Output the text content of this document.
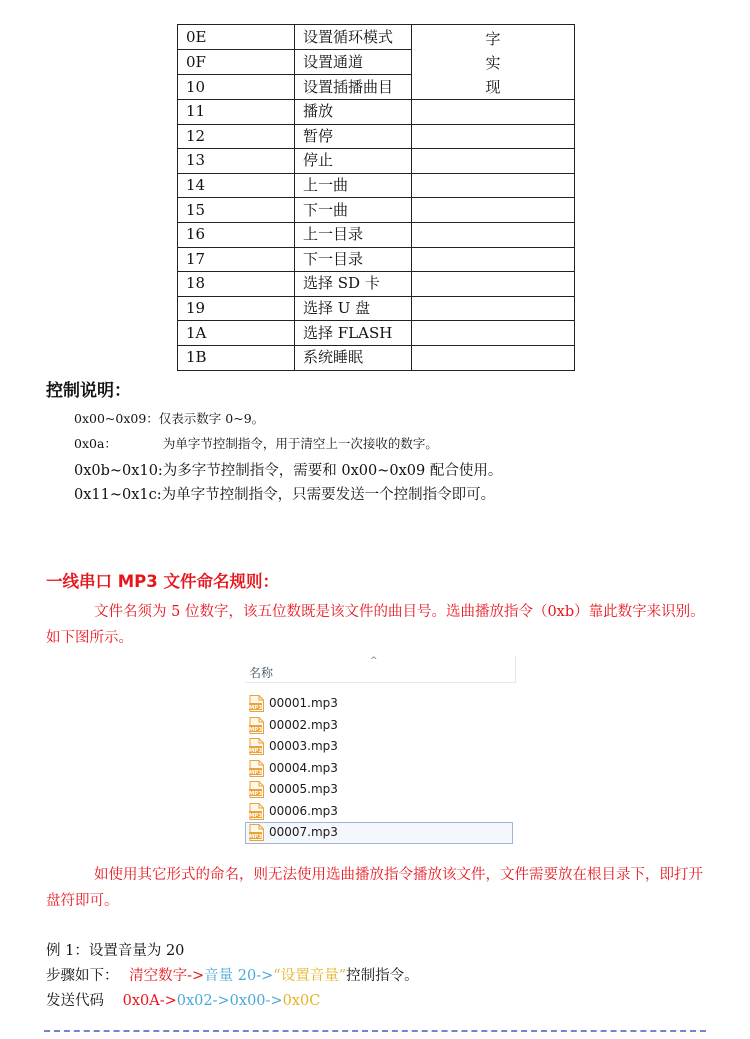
0E	设置循环模式	字
实
现

0F	设置通道	
10	设置插播曲目	
11	播放	
12	暂停	
13	停止	
14	上一曲	
15	下一曲	
16	上一目录	
17	下一目录	
18	选择 SD 卡	
19	选择 U 盘	
1A	选择 FLASH	
1B	系统睡眠	
控制说明：

0x00~0x09：仅表示数字 0~9。

0x0a：	为单字节控制指令，用于清空上一次接收的数字。

0x0b~0x10:为多字节控制指令，需要和 0x00~0x09 配合使用。

0x11~0x1c:为单字节控制指令，只需要发送一个控制指令即可。

一线串口 MP3 文件命名规则：

文件名须为 5 位数字，该五位数既是该文件的曲目号。选曲播放指令（0xb）靠此数字来识别。 如下图所示。

名称
^
MP3 00001.mp3
MP3 00002.mp3
MP3 00003.mp3
MP3 00004.mp3
MP3 00005.mp3
MP3 00006.mp3
MP3 00007.mp3

如使用其它形式的命名，则无法使用选曲播放指令播放该文件，文件需要放在根目录下，即打开盘符即可。

例 1：设置音量为 20

步骤如下： 清空数字->音量 20->“设置音量”控制指令。

发送代码 0x0A->0x02->0x00->0x0C
